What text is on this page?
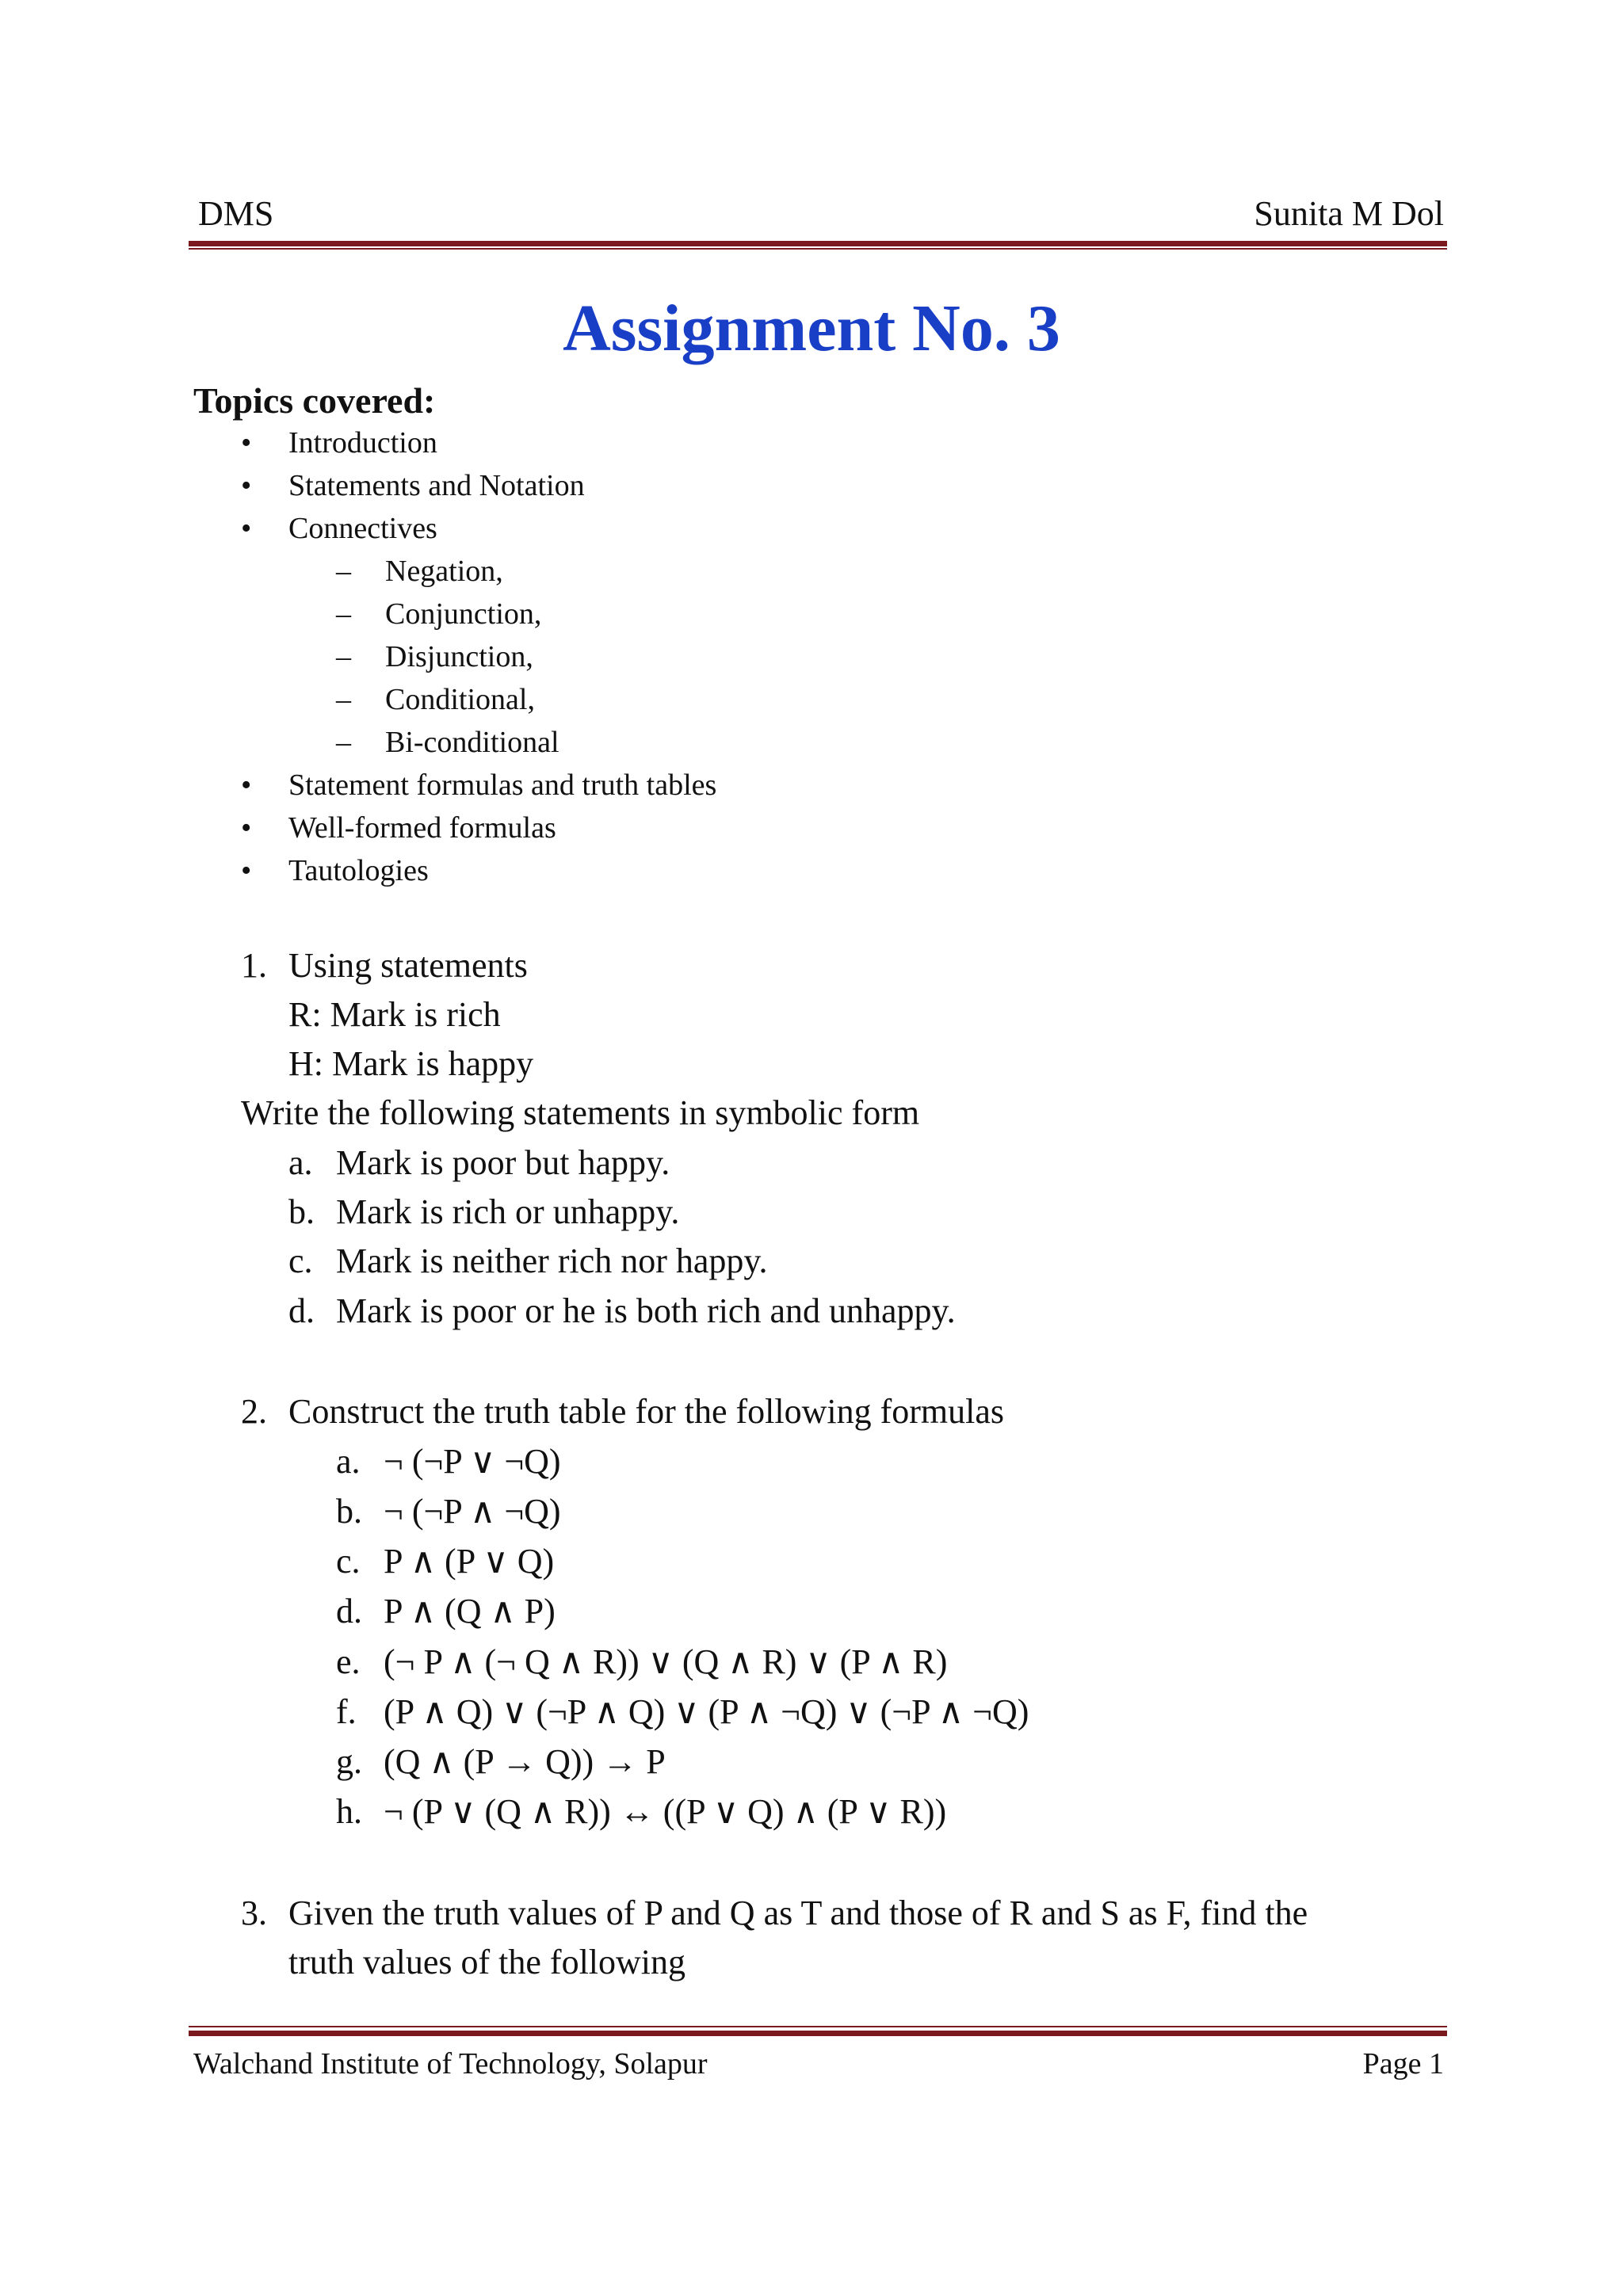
DMS	Sunita M Dol
Assignment No. 3
Topics covered:
•	Introduction
•	Statements and Notation
•	Connectives
– Negation,
– Conjunction,
– Disjunction,
– Conditional,
– Bi-conditional
•	Statement formulas and truth tables
•	Well-formed formulas
•	Tautologies
1. Using statements
R: Mark is rich
H: Mark is happy
Write the following statements in symbolic form
a. Mark is poor but happy.
b. Mark is rich or unhappy.
c. Mark is neither rich nor happy.
d. Mark is poor or he is both rich and unhappy.
2. Construct the truth table for the following formulas
a. ¬ (¬P ∨ ¬Q)
b. ¬ (¬P ∧ ¬Q)
c. P ∧ (P ∨ Q)
d. P ∧ (Q ∧ P)
e. (¬ P ∧ (¬ Q ∧ R)) ∨ (Q ∧ R) ∨ (P ∧ R)
f. (P ∧ Q) ∨ (¬P ∧ Q) ∨ (P ∧ ¬Q) ∨ (¬P ∧ ¬Q)
g. (Q ∧ (P → Q)) → P
h. ¬ (P ∨ (Q ∧ R)) ↔ ((P ∨ Q) ∧ (P ∨ R))
3. Given the truth values of P and Q as T and those of R and S as F, find the
truth values of the following
Walchand Institute of Technology, Solapur	Page 1
